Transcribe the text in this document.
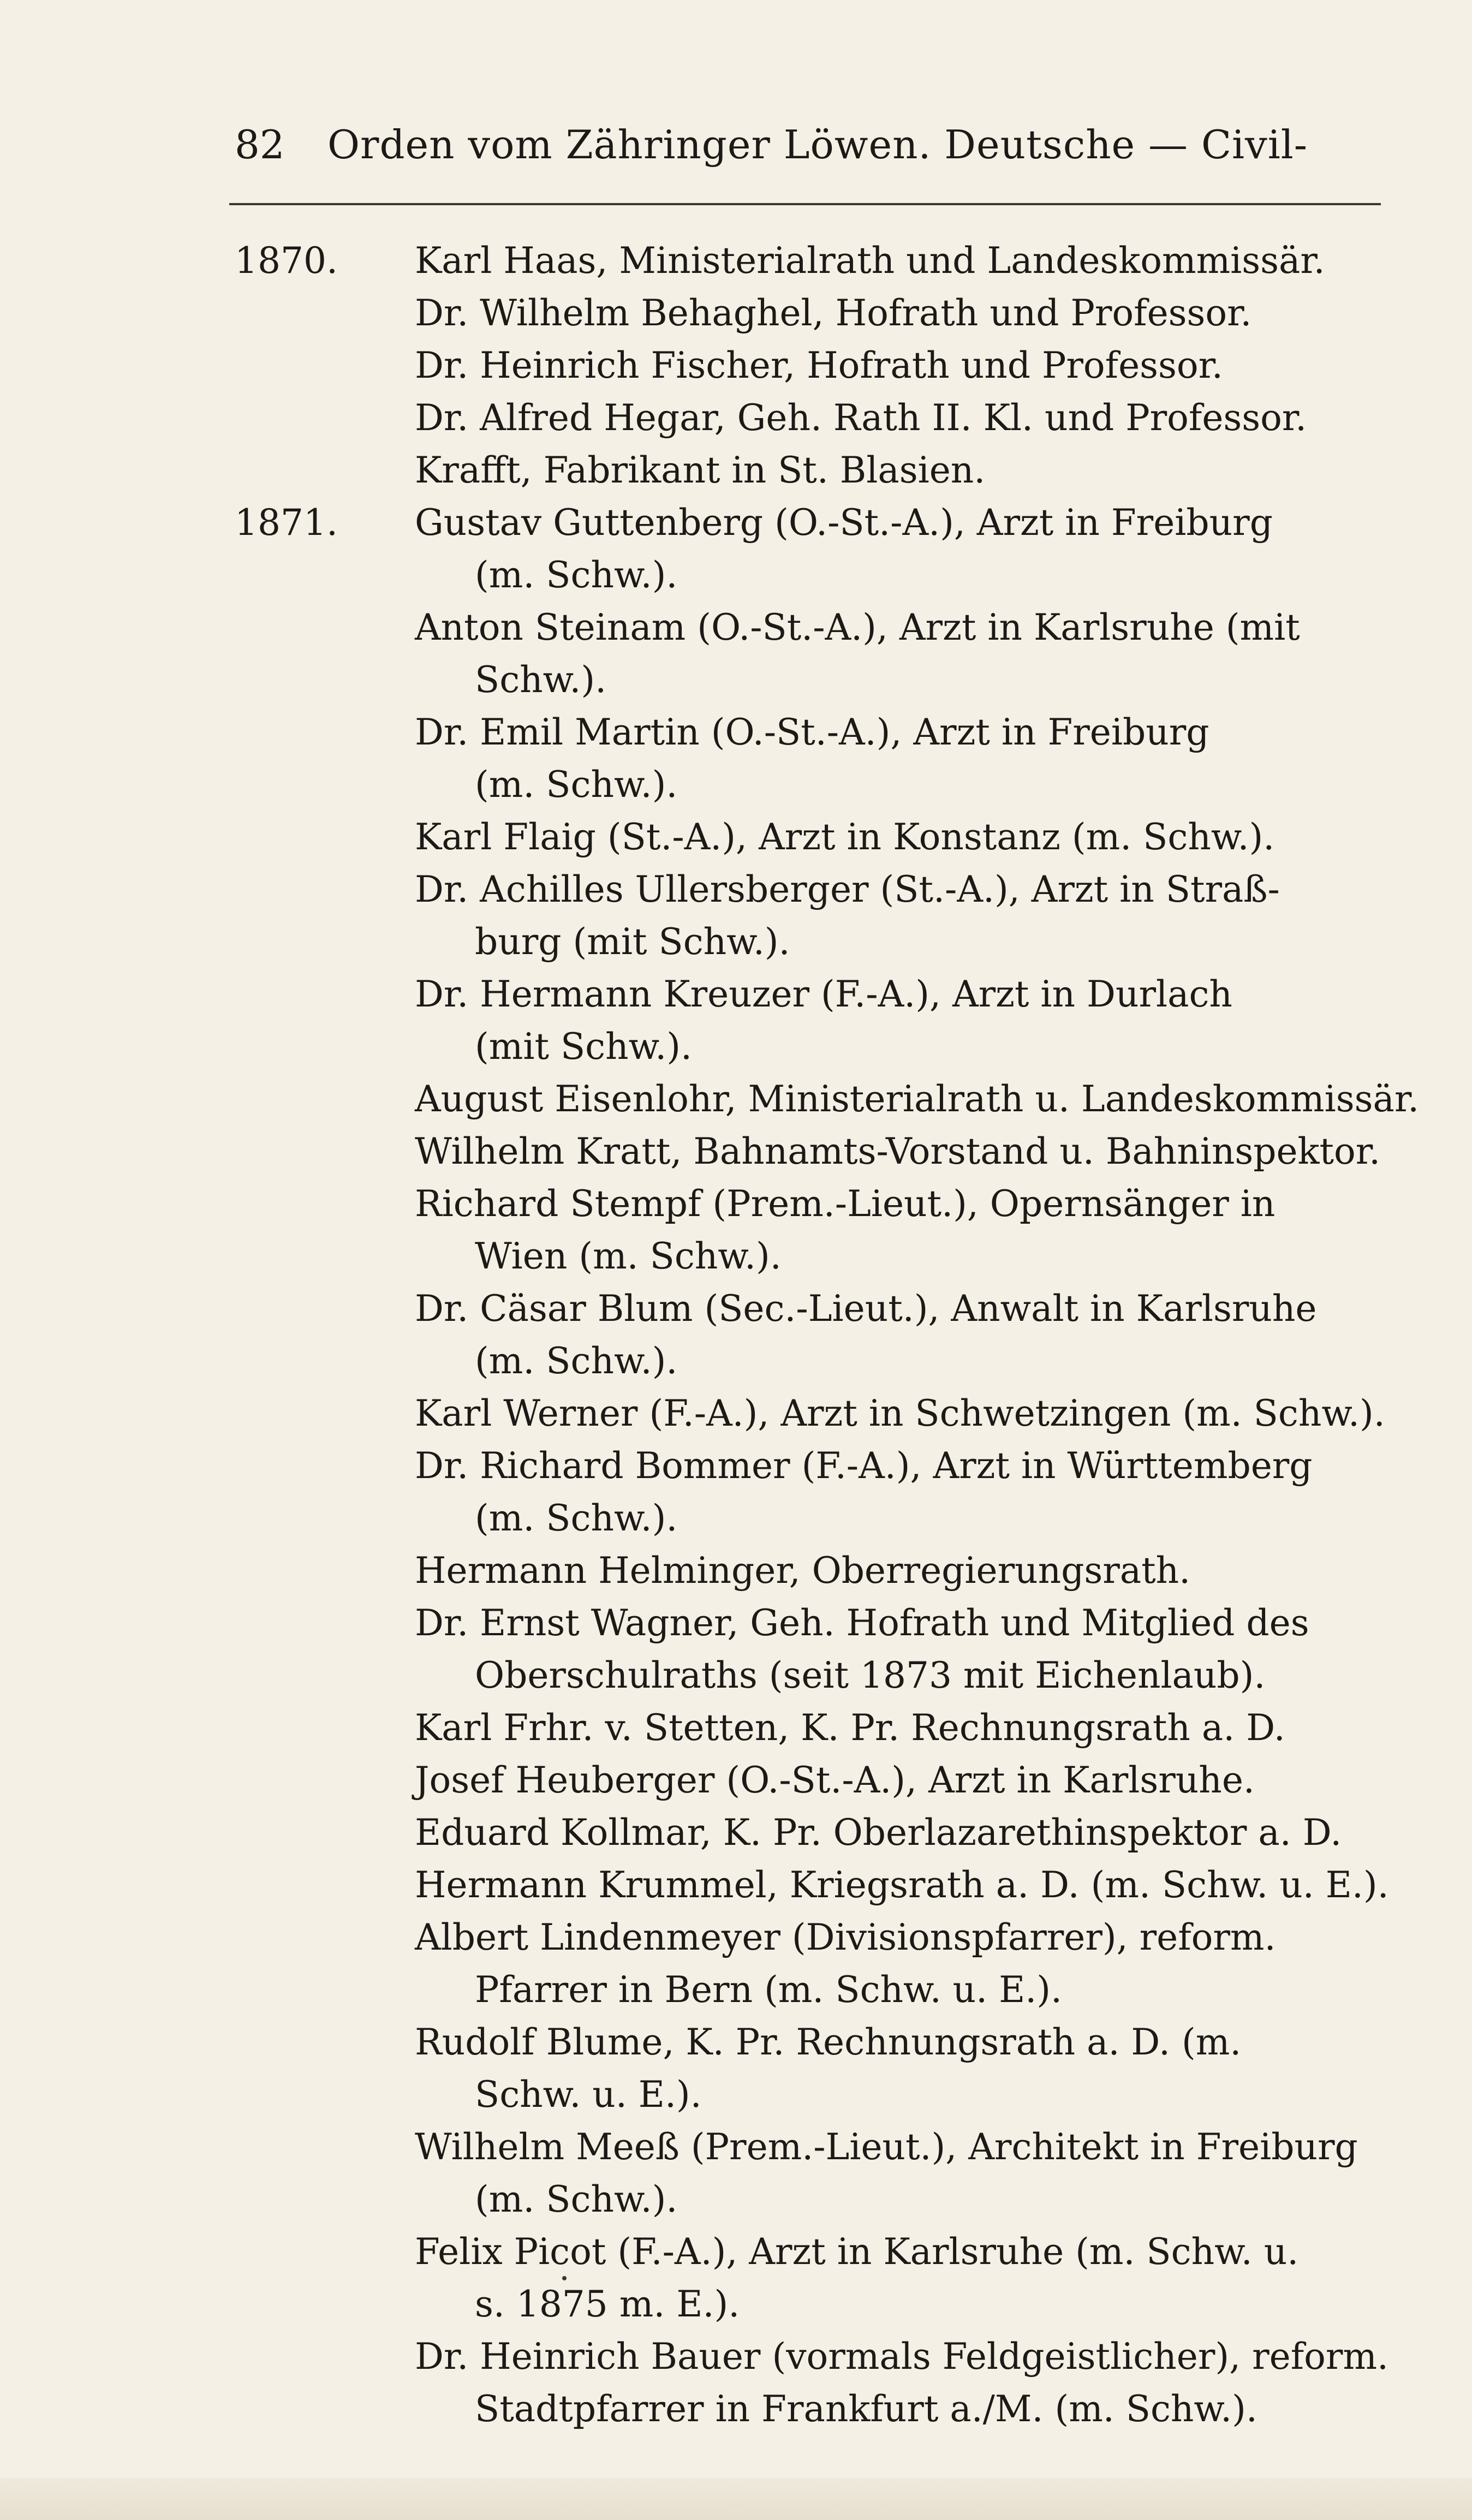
82 Orden vom Zähringer Löwen. Deutsche — Civil-
1870. Karl Haas, Ministerialrath und Landeskommissär.
Dr. Wilhelm Behaghel, Hofrath und Professor.
Dr. Heinrich Fischer, Hofrath und Professor.
Dr. Alfred Hegar, Geh. Rath II. Kl. und Professor.
Krafft, Fabrikant in St. Blasien.
1871. Gustav Guttenberg (O.-St.-A.), Arzt in Freiburg
(m. Schw.).
Anton Steinam (O.-St.-A.), Arzt in Karlsruhe (mit
Schw.).
Dr. Emil Martin (O.-St.-A.), Arzt in Freiburg
(m. Schw.).
Karl Flaig (St.-A.), Arzt in Konstanz (m. Schw.).
Dr. Achilles Ullersberger (St.-A.), Arzt in Straß-
burg (mit Schw.).
Dr. Hermann Kreuzer (F.-A.), Arzt in Durlach
(mit Schw.).
August Eisenlohr, Ministerialrath u. Landeskommissär.
Wilhelm Kratt, Bahnamts-Vorstand u. Bahninspektor.
Richard Stempf (Prem.-Lieut.), Opernsänger in
Wien (m. Schw.).
Dr. Cäsar Blum (Sec.-Lieut.), Anwalt in Karlsruhe
(m. Schw.).
Karl Werner (F.-A.), Arzt in Schwetzingen (m. Schw.).
Dr. Richard Bommer (F.-A.), Arzt in Württemberg
(m. Schw.).
Hermann Helminger, Oberregierungsrath.
Dr. Ernst Wagner, Geh. Hofrath und Mitglied des
Oberschulraths (seit 1873 mit Eichenlaub).
Karl Frhr. v. Stetten, K. Pr. Rechnungsrath a. D.
Josef Heuberger (O.-St.-A.), Arzt in Karlsruhe.
Eduard Kollmar, K. Pr. Oberlazarethinspektor a. D.
Hermann Krummel, Kriegsrath a. D. (m. Schw. u. E.).
Albert Lindenmeyer (Divisionspfarrer), reform.
Pfarrer in Bern (m. Schw. u. E.).
Rudolf Blume, K. Pr. Rechnungsrath a. D. (m.
Schw. u. E.).
Wilhelm Meeß (Prem.-Lieut.), Architekt in Freiburg
(m. Schw.).
Felix Picot (F.-A.), Arzt in Karlsruhe (m. Schw. u.
s. 1875 m. E.).
Dr. Heinrich Bauer (vormals Feldgeistlicher), reform.
Stadtpfarrer in Frankfurt a./M. (m. Schw.).
